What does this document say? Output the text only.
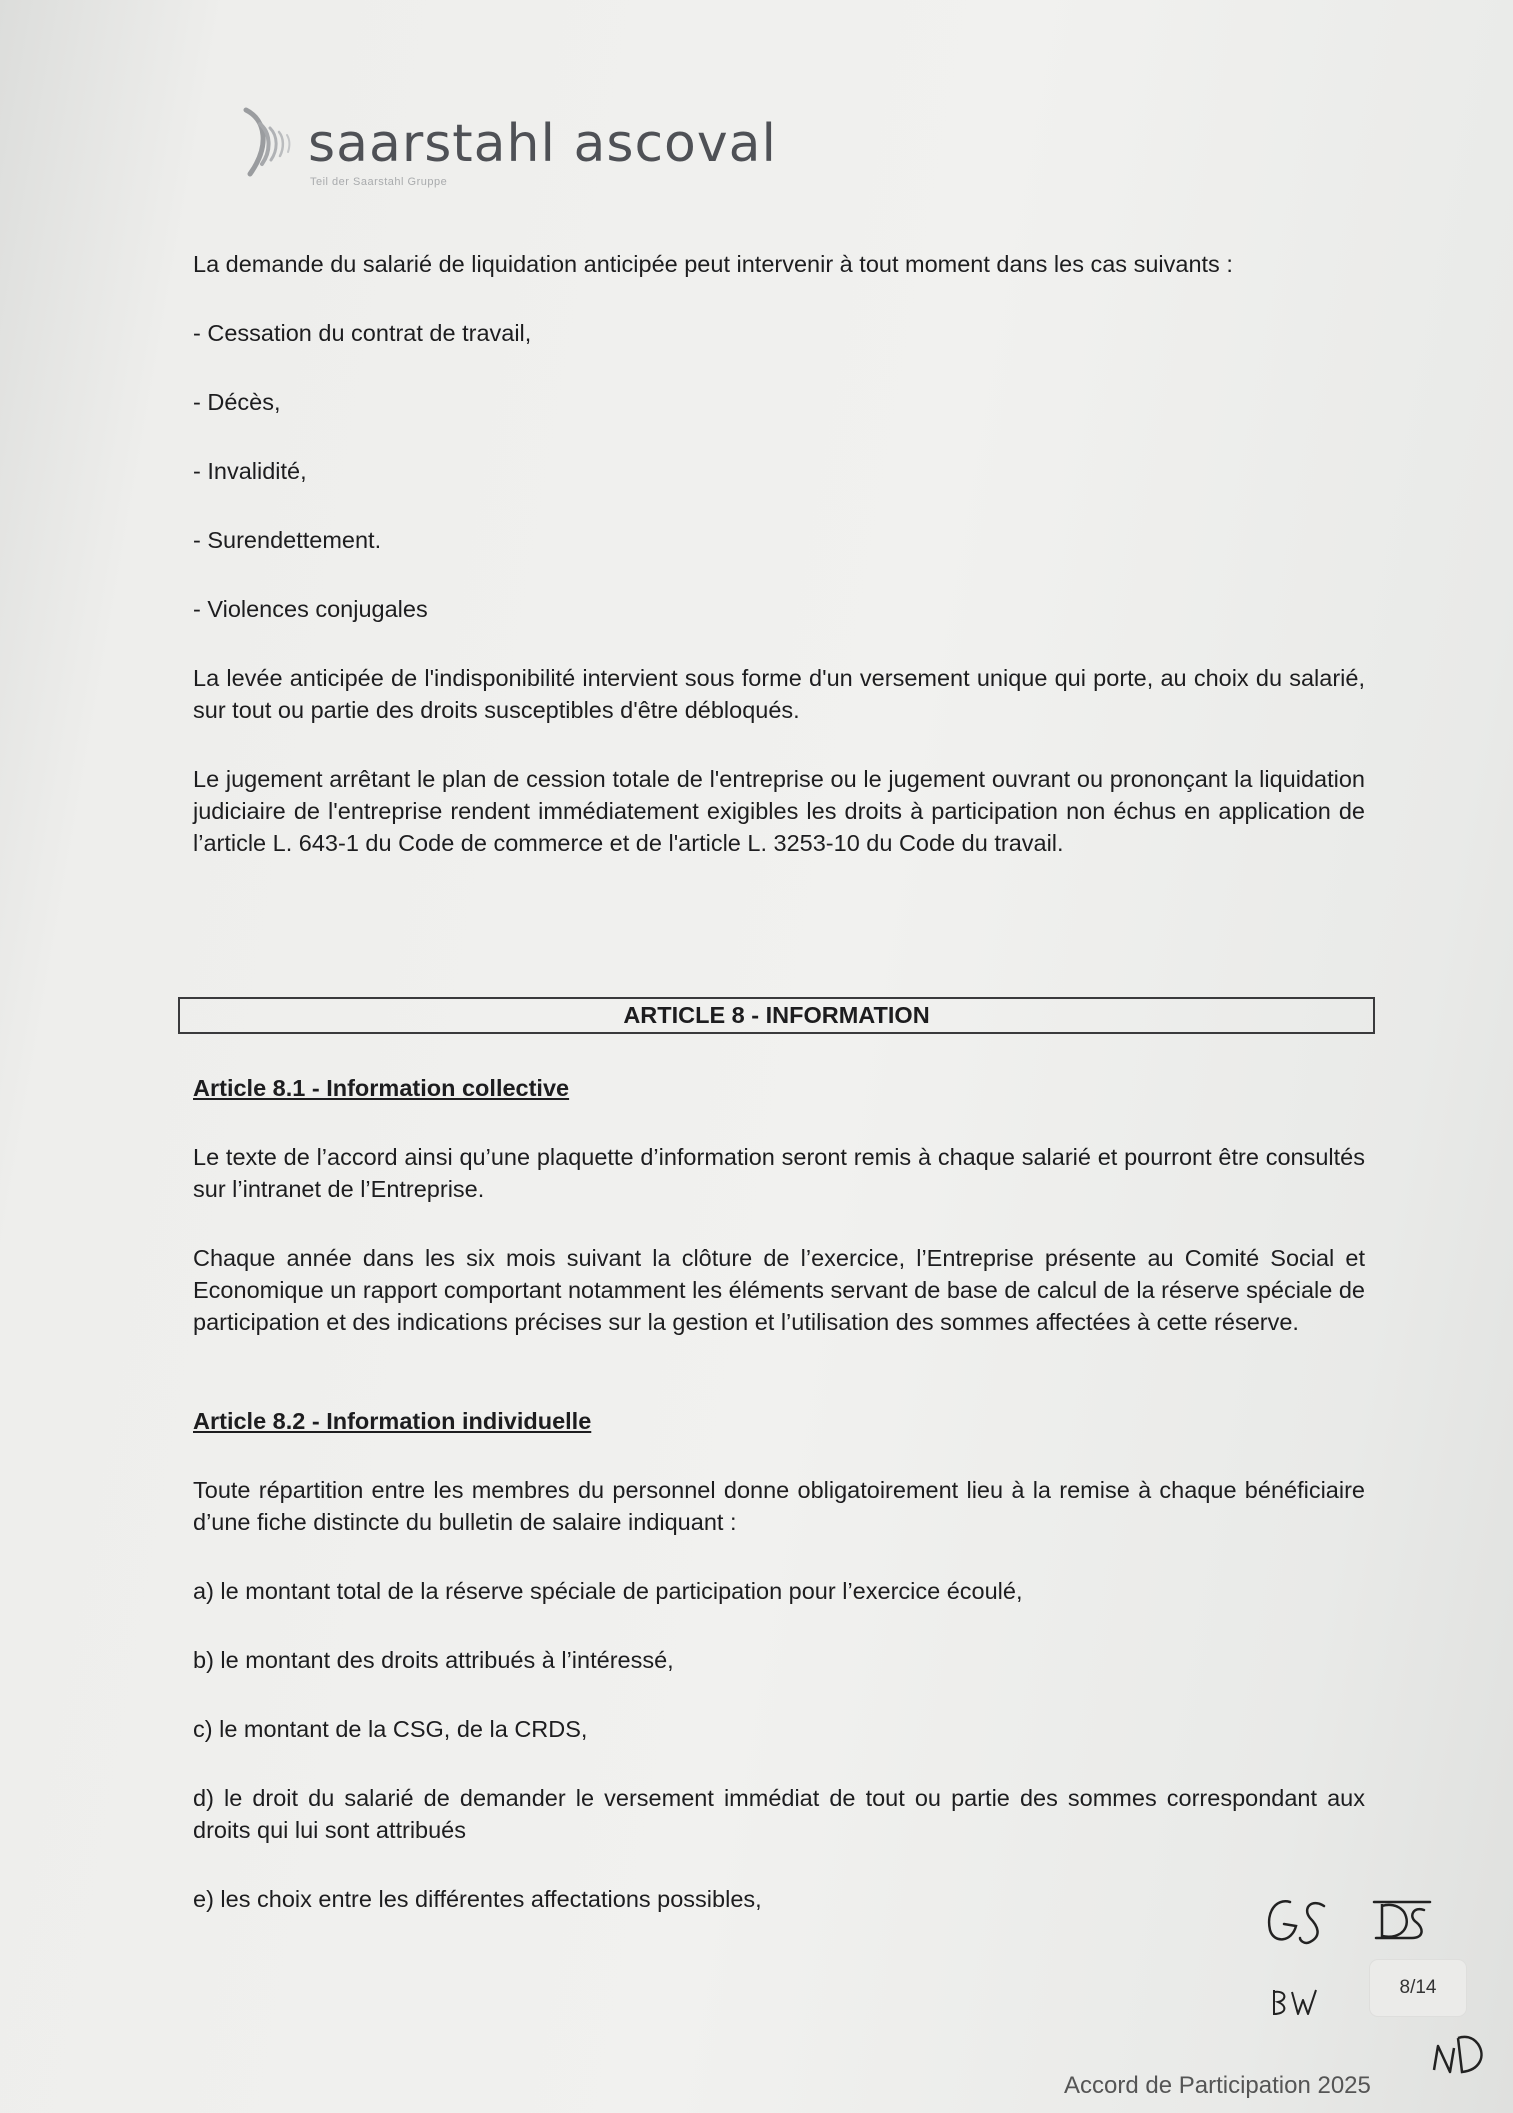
saarstahl ascoval
Teil der Saarstahl Gruppe

La demande du salarié de liquidation anticipée peut intervenir à tout moment dans les cas suivants :

- Cessation du contrat de travail,

- Décès,

- Invalidité,

- Surendettement.

- Violences conjugales

La levée anticipée de l'indisponibilité intervient sous forme d'un versement unique qui porte, au choix du salarié, sur tout ou partie des droits susceptibles d'être débloqués.

Le jugement arrêtant le plan de cession totale de l'entreprise ou le jugement ouvrant ou prononçant la liquidation judiciaire de l'entreprise rendent immédiatement exigibles les droits à participation non échus en application de l’article L. 643-1 du Code de commerce et de l'article L. 3253-10 du Code du travail.

ARTICLE 8 - INFORMATION

Article 8.1 - Information collective

Le texte de l’accord ainsi qu’une plaquette d’information seront remis à chaque salarié et pourront être consultés sur l’intranet de l’Entreprise.

Chaque année dans les six mois suivant la clôture de l’exercice, l’Entreprise présente au Comité Social et Economique un rapport comportant notamment les éléments servant de base de calcul de la réserve spéciale de participation et des indications précises sur la gestion et l’utilisation des sommes affectées à cette réserve.

Article 8.2 - Information individuelle

Toute répartition entre les membres du personnel donne obligatoirement lieu à la remise à chaque bénéficiaire d’une fiche distincte du bulletin de salaire indiquant :

a) le montant total de la réserve spéciale de participation pour l’exercice écoulé,

b) le montant des droits attribués à l’intéressé,

c) le montant de la CSG, de la CRDS,

d) le droit du salarié de demander le versement immédiat de tout ou partie des sommes correspondant aux droits qui lui sont attribués

e) les choix entre les différentes affectations possibles,

8/14
Accord de Participation 2025
